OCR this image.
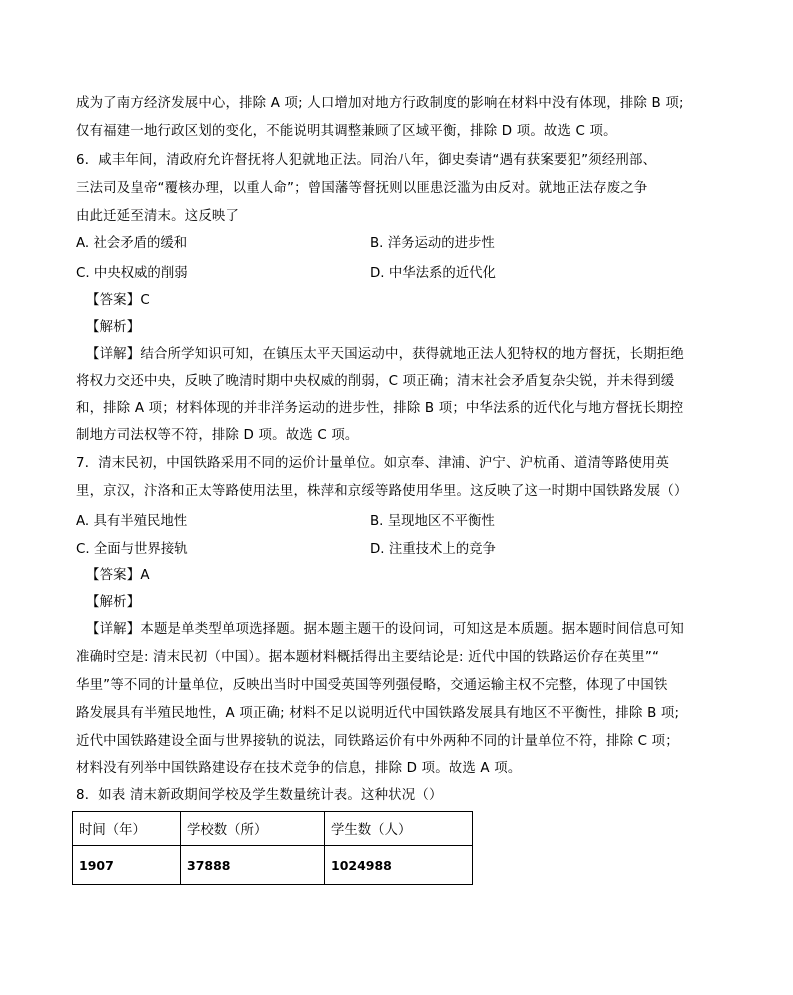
成为了南方经济发展中心，排除 A 项; 人口增加对地方行政制度的影响在材料中没有体现，排除 B 项;
仅有福建一地行政区划的变化，不能说明其调整兼顾了区域平衡，排除 D 项。故选 C 项。
6．咸丰年间，清政府允许督抚将人犯就地正法。同治八年，御史奏请“遇有获案要犯”须经刑部、
三法司及皇帝“覆核办理，以重人命”；曾国藩等督抚则以匪患泛滥为由反对。就地正法存废之争
由此迁延至清末。这反映了
A. 社会矛盾的缓和	B. 洋务运动的进步性
C. 中央权威的削弱	D. 中华法系的近代化
【答案】C
【解析】
【详解】结合所学知识可知，在镇压太平天国运动中，获得就地正法人犯特权的地方督抚，长期拒绝
将权力交还中央，反映了晚清时期中央权威的削弱，C 项正确；清末社会矛盾复杂尖锐，并未得到缓
和，排除 A 项；材料体现的并非洋务运动的进步性，排除 B 项；中华法系的近代化与地方督抚长期控
制地方司法权等不符，排除 D 项。故选 C 项。
7．清末民初，中国铁路采用不同的运价计量单位。如京奉、津浦、沪宁、沪杭甬、道清等路使用英
里，京汉，汴洛和正太等路使用法里，株萍和京绥等路使用华里。这反映了这一时期中国铁路发展（）
A. 具有半殖民地性	B. 呈现地区不平衡性
C. 全面与世界接轨	D. 注重技术上的竞争
【答案】A
【解析】
【详解】本题是单类型单项选择题。据本题主题干的设问词，可知这是本质题。据本题时间信息可知
准确时空是: 清末民初（中国）。据本题材料概括得出主要结论是: 近代中国的铁路运价存在英里”“
华里”等不同的计量单位，反映出当时中国受英国等列强侵略，交通运输主权不完整，体现了中国铁
路发展具有半殖民地性，A 项正确; 材料不足以说明近代中国铁路发展具有地区不平衡性，排除 B 项;
近代中国铁路建设全面与世界接轨的说法，同铁路运价有中外两种不同的计量单位不符，排除 C 项；
材料没有列举中国铁路建设存在技术竞争的信息，排除 D 项。故选 A 项。
8．如表 清末新政期间学校及学生数量统计表。这种状况（）
时间（年）	学校数（所）	学生数（人）
1907	37888	1024988
